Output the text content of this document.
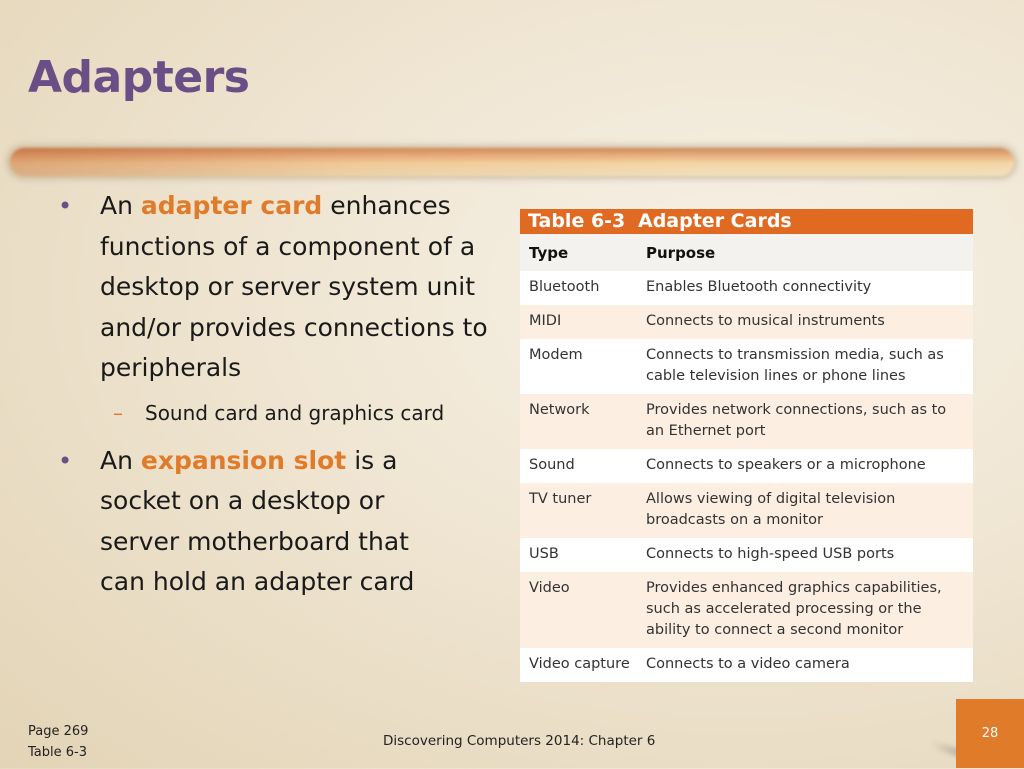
Adapters
• An adapter card enhances functions of a component of a desktop or server system unit and/or provides connections to peripherals
– Sound card and graphics card
• An expansion slot is a socket on a desktop or server motherboard that can hold an adapter card
Table 6-3 Adapter Cards
Type	Purpose
Bluetooth	Enables Bluetooth connectivity
MIDI	Connects to musical instruments
Modem	Connects to transmission media, such as cable television lines or phone lines
Network	Provides network connections, such as to an Ethernet port
Sound	Connects to speakers or a microphone
TV tuner	Allows viewing of digital television broadcasts on a monitor
USB	Connects to high-speed USB ports
Video	Provides enhanced graphics capabilities, such as accelerated processing or the ability to connect a second monitor
Video capture	Connects to a video camera
Page 269
Table 6-3
Discovering Computers 2014: Chapter 6	28
